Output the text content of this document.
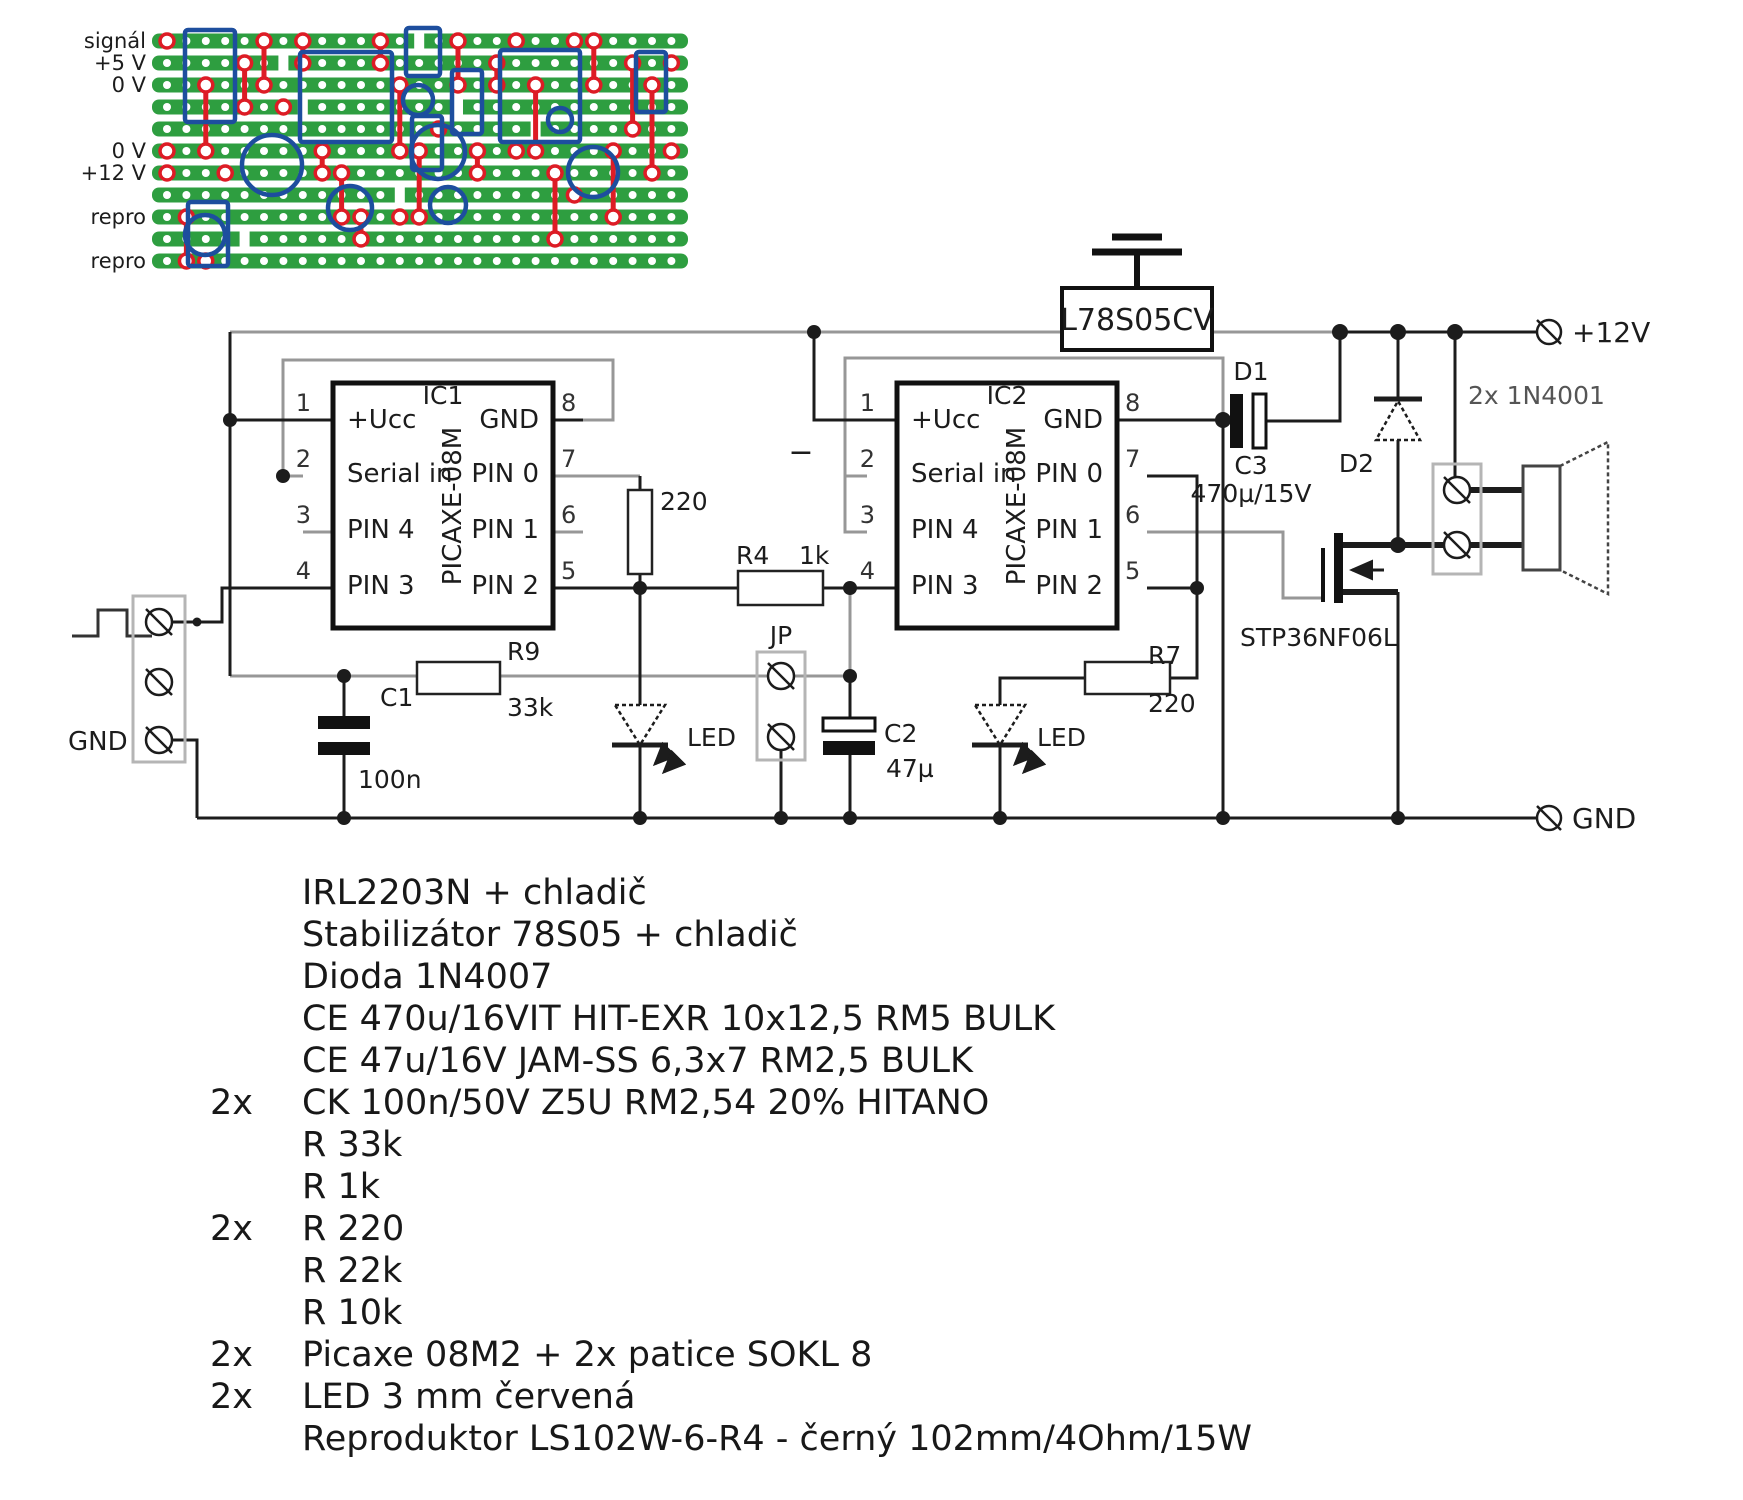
signál
+5 V
0 V
0 V
+12 V
repro
repro
IC1
PICAXE-08M
+Ucc
Serial in
PIN 4
PIN 3
GND
PIN 0
PIN 1
PIN 2
1
2
3
4
8
7
6
5
IC2
PICAXE-08M
+Ucc
Serial in
PIN 4
PIN 3
GND
PIN 0
PIN 1
PIN 2
1
2
3
4
8
7
6
5
L78S05CV
220
R4 1k
R9
33k
C1
100n
JP
C2
47µ
LED	LED
R7
220
D1
C3
470µ/15V
D2
2x 1N4001
STP36NF06L
+12V
GND
GND
−
IRL2203N + chladič
Stabilizátor 78S05 + chladič
Dioda 1N4007
CE 470u/16VIT HIT-EXR 10x12,5 RM5 BULK
CE 47u/16V JAM-SS 6,3x7 RM2,5 BULK
2x	CK 100n/50V Z5U RM2,54 20% HITANO
R 33k
R 1k
2x	R 220
R 22k
R 10k
2x	Picaxe 08M2 + 2x patice SOKL 8
2x	LED 3 mm červená
Reproduktor LS102W-6-R4 - černý 102mm/4Ohm/15W
